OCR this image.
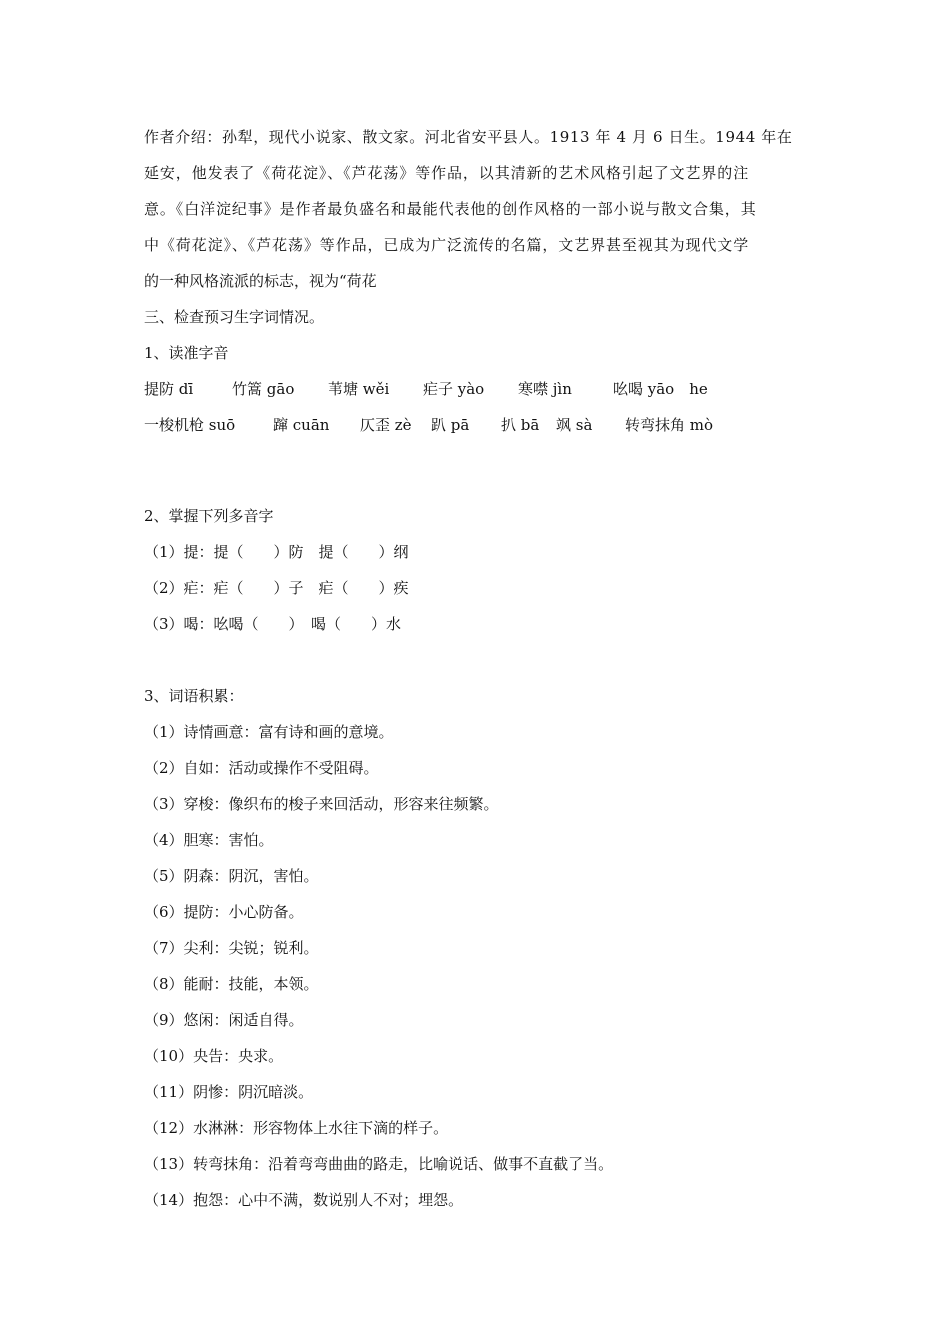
作者介绍：孙犁，现代小说家、散文家。河北省安平县人。1913 年 4 月 6 日生。1944 年在
延安，他发表了《荷花淀》、《芦花荡》等作品，以其清新的艺术风格引起了文艺界的注
意。《白洋淀纪事》是作者最负盛名和最能代表他的创作风格的一部小说与散文合集，其
中《荷花淀》、《芦花荡》等作品，已成为广泛流传的名篇，文艺界甚至视其为现代文学
的一种风格流派的标志，视为“荷花
三、检查预习生字词情况。
1、读准字音
提防 dī	竹篙 gāo 苇塘 wěi 疟子 yào 寒噤 jìn	吆喝 yāo　he
一梭机枪 suō	蹿 cuān 仄歪 zè 趴 pā 扒 bā 飒 sà 转弯抹角 mò
2、掌握下列多音字
（1）提：提（　　）防　提（　　）纲
（2）疟：疟（　　）子　疟（　　）疾
（3）喝：吆喝（　　）　喝（　　）水
3、词语积累：
（1）诗情画意：富有诗和画的意境。
（2）自如：活动或操作不受阻碍。
（3）穿梭：像织布的梭子来回活动，形容来往频繁。
（4）胆寒：害怕。
（5）阴森：阴沉，害怕。
（6）提防：小心防备。
（7）尖利：尖锐；锐利。
（8）能耐：技能，本领。
（9）悠闲：闲适自得。
（10）央告：央求。
（11）阴惨：阴沉暗淡。
（12）水淋淋：形容物体上水往下滴的样子。
（13）转弯抹角：沿着弯弯曲曲的路走，比喻说话、做事不直截了当。
（14）抱怨：心中不满，数说别人不对；埋怨。
